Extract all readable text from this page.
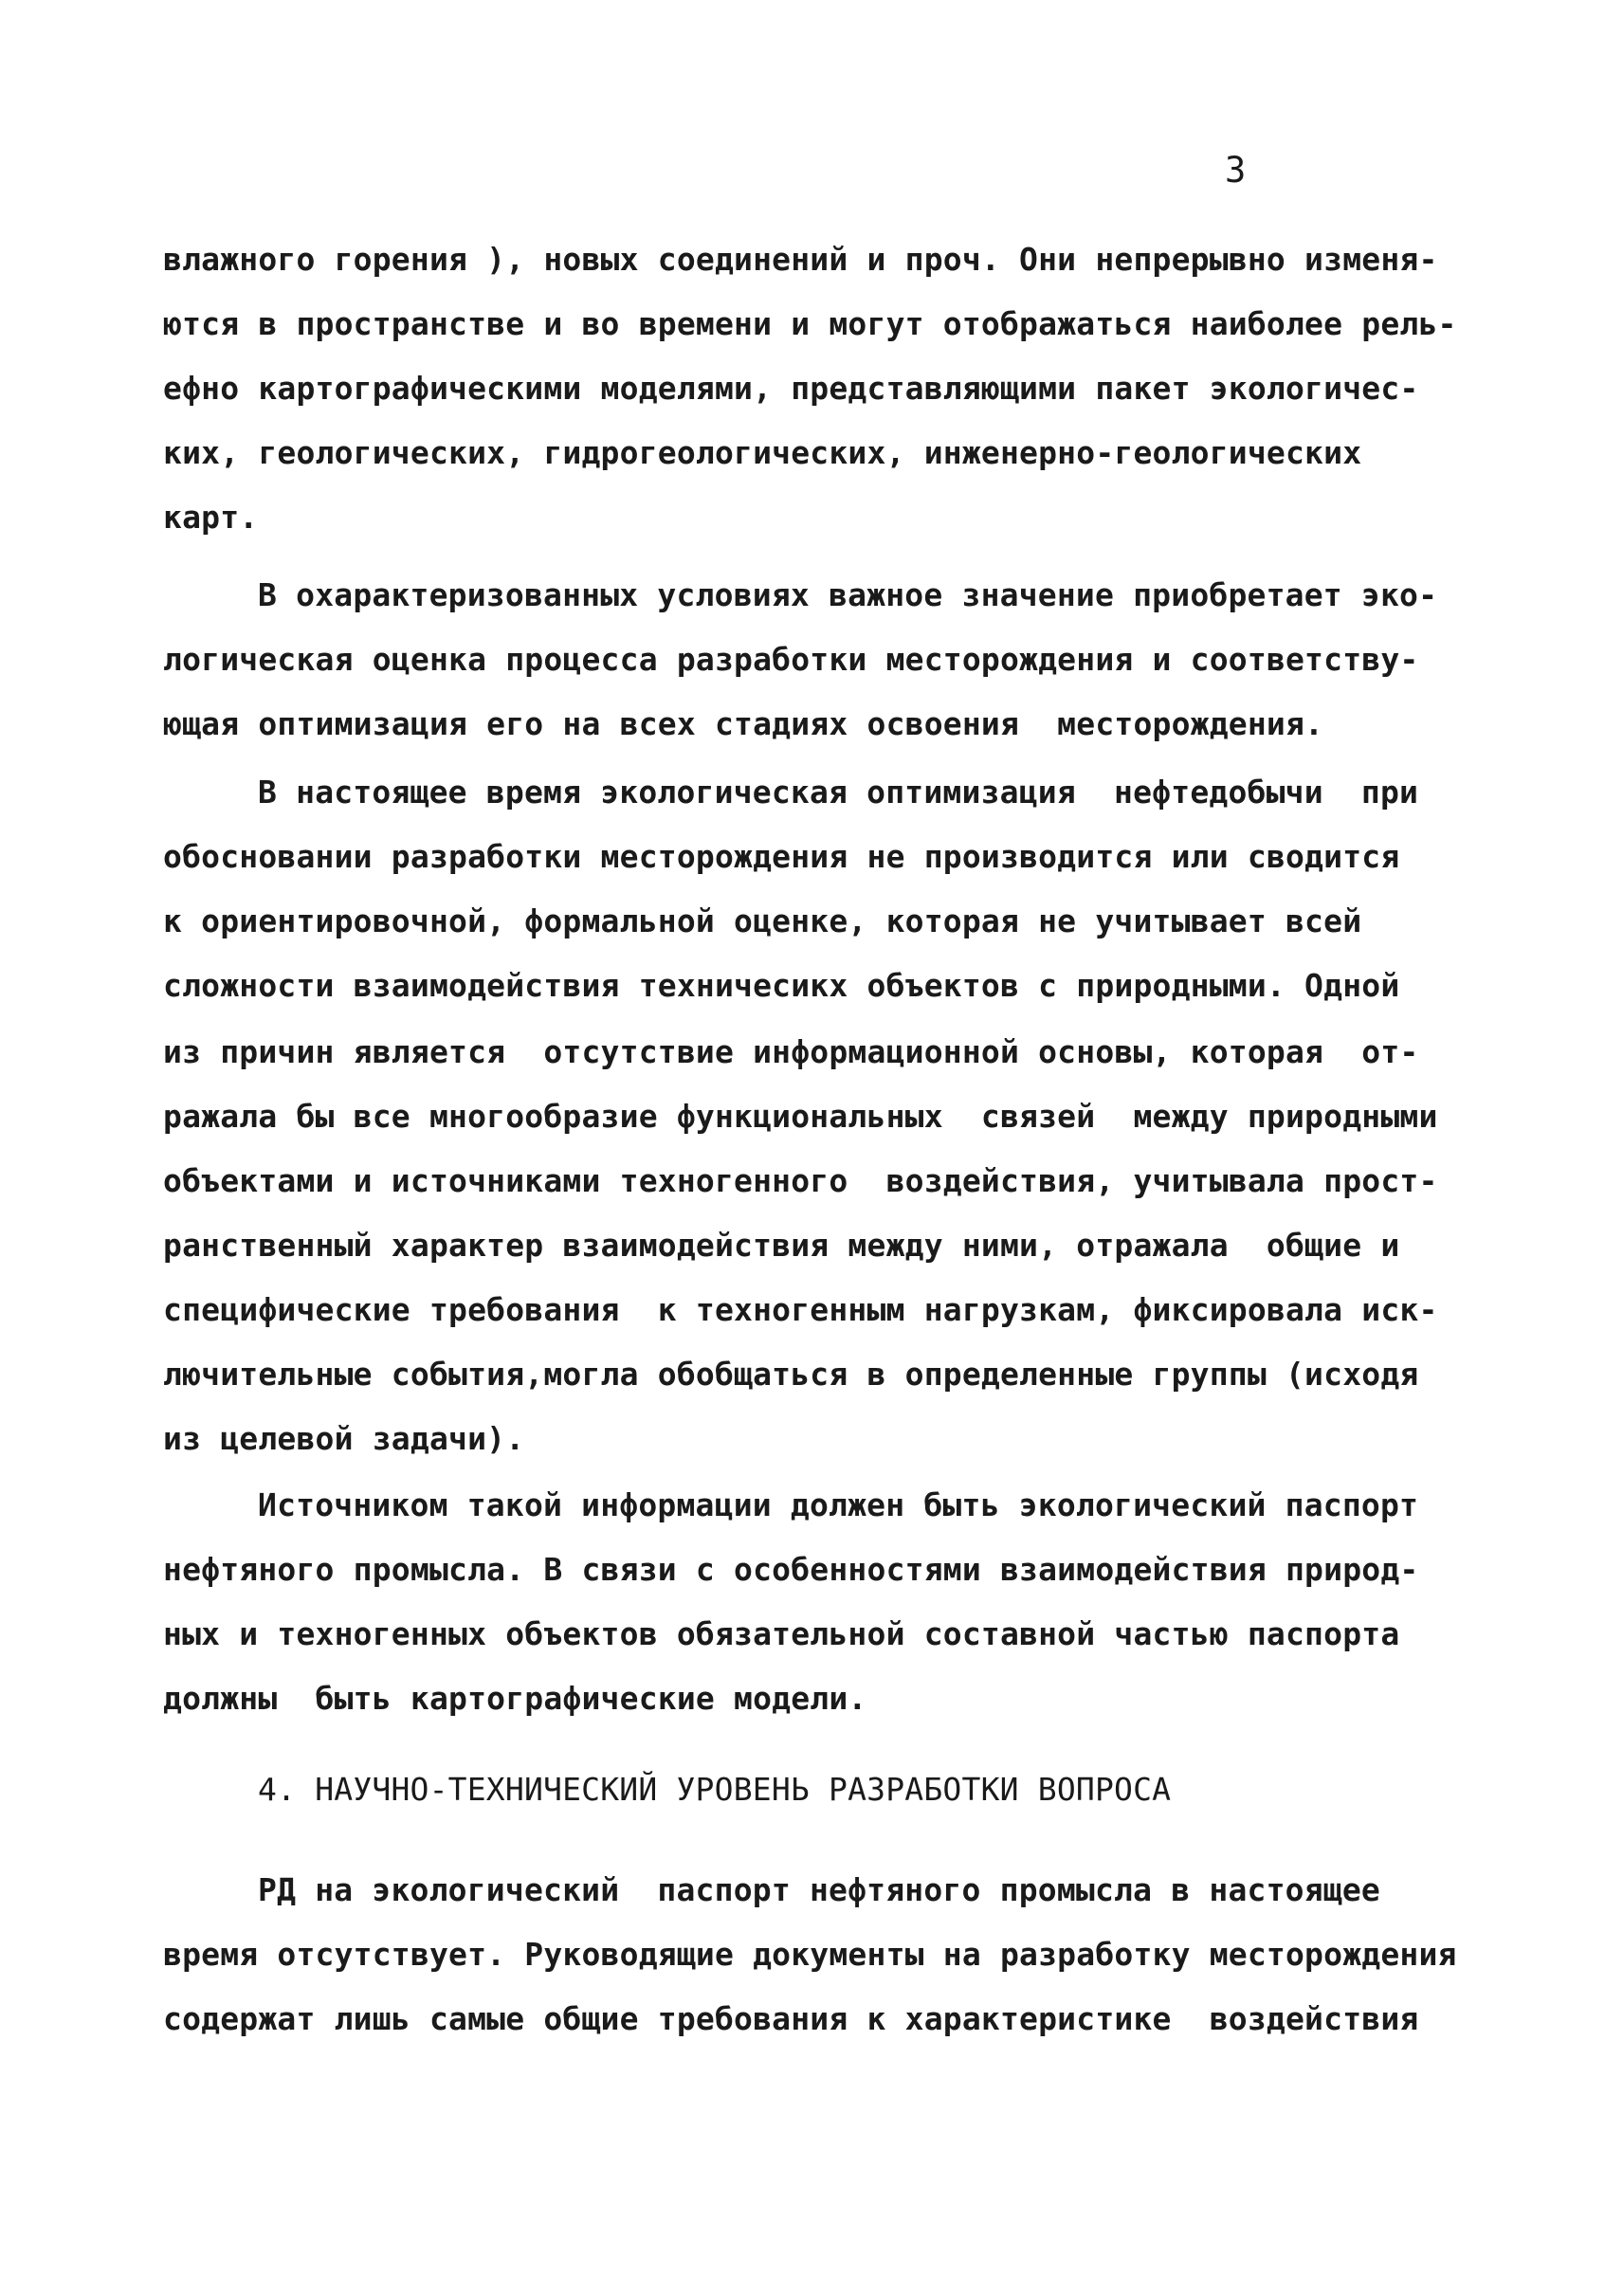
3
влажного горения ), новых соединений и проч. Они непрерывно изменя-
ются в пространстве и во времени и могут отображаться наиболее рель-
ефно картографическими моделями, представляющими пакет экологичес-
ких, геологических, гидрогеологических, инженерно-геологических
карт.
В охарактеризованных условиях важное значение приобретает эко-
логическая оценка процесса разработки месторождения и соответству-
ющая оптимизация его на всех стадиях освоения  месторождения.
В настоящее время экологическая оптимизация  нефтедобычи  при
обосновании разработки месторождения не производится или сводится
к ориентировочной, формальной оценке, которая не учитывает всей
сложности взаимодействия техничесикх объектов с природными. Одной
из причин является  отсутствие информационной основы, которая  от-
ражала бы все многообразие функциональных  связей  между природными
объектами и источниками техногенного  воздействия, учитывала прост-
ранственный характер взаимодействия между ними, отражала  общие и
специфические требования  к техногенным нагрузкам, фиксировала иск-
лючительные события,могла обобщаться в определенные группы (исходя
из целевой задачи).
Источником такой информации должен быть экологический паспорт
нефтяного промысла. В связи с особенностями взаимодействия природ-
ных и техногенных объектов обязательной составной частью паспорта
должны  быть картографические модели.
4. НАУЧНО-ТЕХНИЧЕСКИЙ УРОВЕНЬ РАЗРАБОТКИ ВОПРОСА
РД на экологический  паспорт нефтяного промысла в настоящее
время отсутствует. Руководящие документы на разработку месторождения
содержат лишь самые общие требования к характеристике  воздействия
